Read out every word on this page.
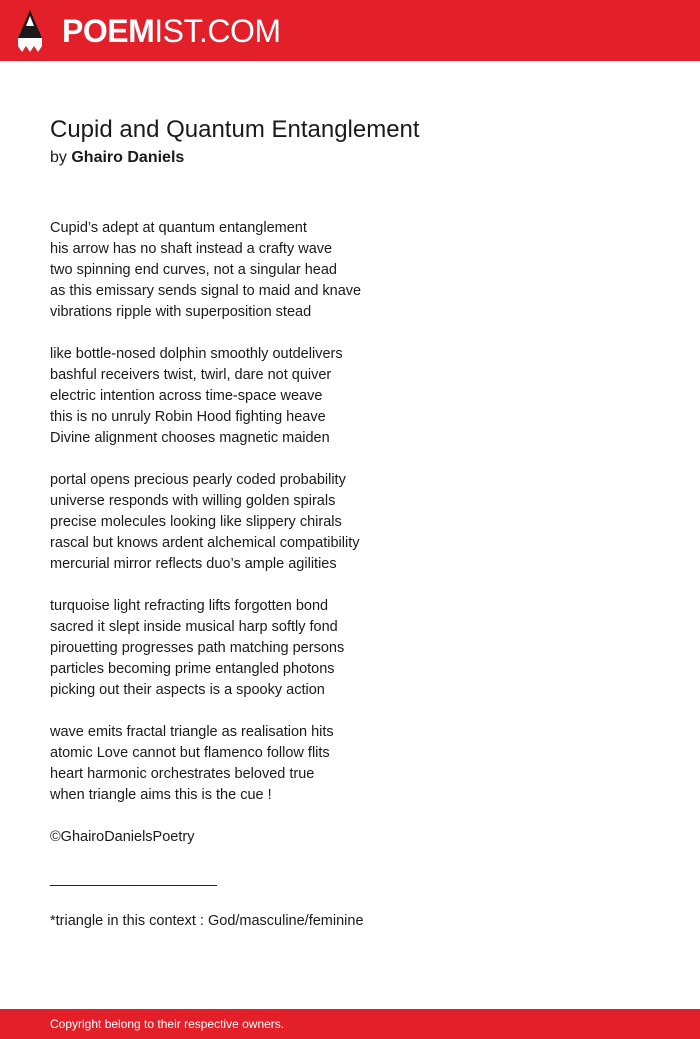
POEMIST.COM
Cupid and Quantum Entanglement
by Ghairo Daniels
Cupid’s adept at quantum entanglement
his arrow has no shaft instead a crafty wave
two spinning end curves, not a singular head
as this emissary sends signal to maid and knave
vibrations ripple with superposition stead
like bottle-nosed dolphin smoothly outdelivers
bashful receivers twist, twirl, dare not quiver
electric intention across time-space weave
this is no unruly Robin Hood fighting heave
Divine alignment chooses magnetic maiden
portal opens precious pearly coded probability
universe responds with willing golden spirals
precise molecules looking like slippery chirals
rascal but knows ardent alchemical compatibility
mercurial mirror reflects duo’s ample agilities
turquoise light refracting lifts forgotten bond
sacred it slept inside musical harp softly fond
pirouetting progresses path matching persons
particles becoming prime entangled photons
picking out their aspects is a spooky action
wave emits fractal triangle as realisation hits
atomic Love cannot but flamenco follow flits
heart harmonic orchestrates beloved true
when triangle aims this is the cue !
©GhairoDanielsPoetry
______________________
*triangle in this context : God/masculine/feminine
Copyright belong to their respective owners.
